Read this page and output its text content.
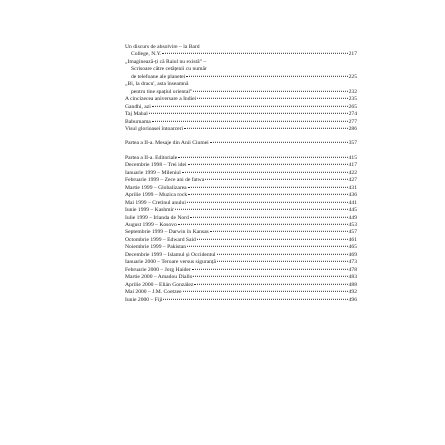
Un discurs de absolvire – la Bard
College, N.Y.	217
„Imaginează-ți că Raiul nu există” –
Scrisoare către cetățenii cu număr
de telefoane ale planetei	225
„Bi, la dracu', asta înseamnă
pentru tine spațiul oriental”	232
A cincizecea aniversare a Indiei	235
Gandhi, azi	265
Taj Mahal	274
Baburnama	277
Visul glorioasei întoarceri	286
Partea a II-a. Mesaje din Anii Ciumei	357
Partea a II-a. Editoriale	415
Decembrie 1998 – Trei idei	417
Ianuarie 1999 – Mileniul	422
Februarie 1999 – Zece ani de fatwa	427
Martie 1999 – Globalizarea	431
Aprilie 1999 – Muzica rock	436
Mai 1999 – Cretinul anului	441
Iunie 1999 – Kashmir	445
Iulie 1999 – Irlanda de Nord	449
August 1999 – Kosovo	453
Septembrie 1999 – Darwin în Kansas	457
Octombrie 1999 – Edward Said	461
Noiembrie 1999 – Pakistan	465
Decembrie 1999 – Islamul și Occidentul	469
Ianuarie 2000 – Teroare versus siguranță	473
Februarie 2000 – Jorg Haider	478
Martie 2000 – Amadou Diallo	483
Aprilie 2000 – Elián González	488
Mai 2000 – J.M. Coetzee	492
Iunie 2000 – Fiji	496
